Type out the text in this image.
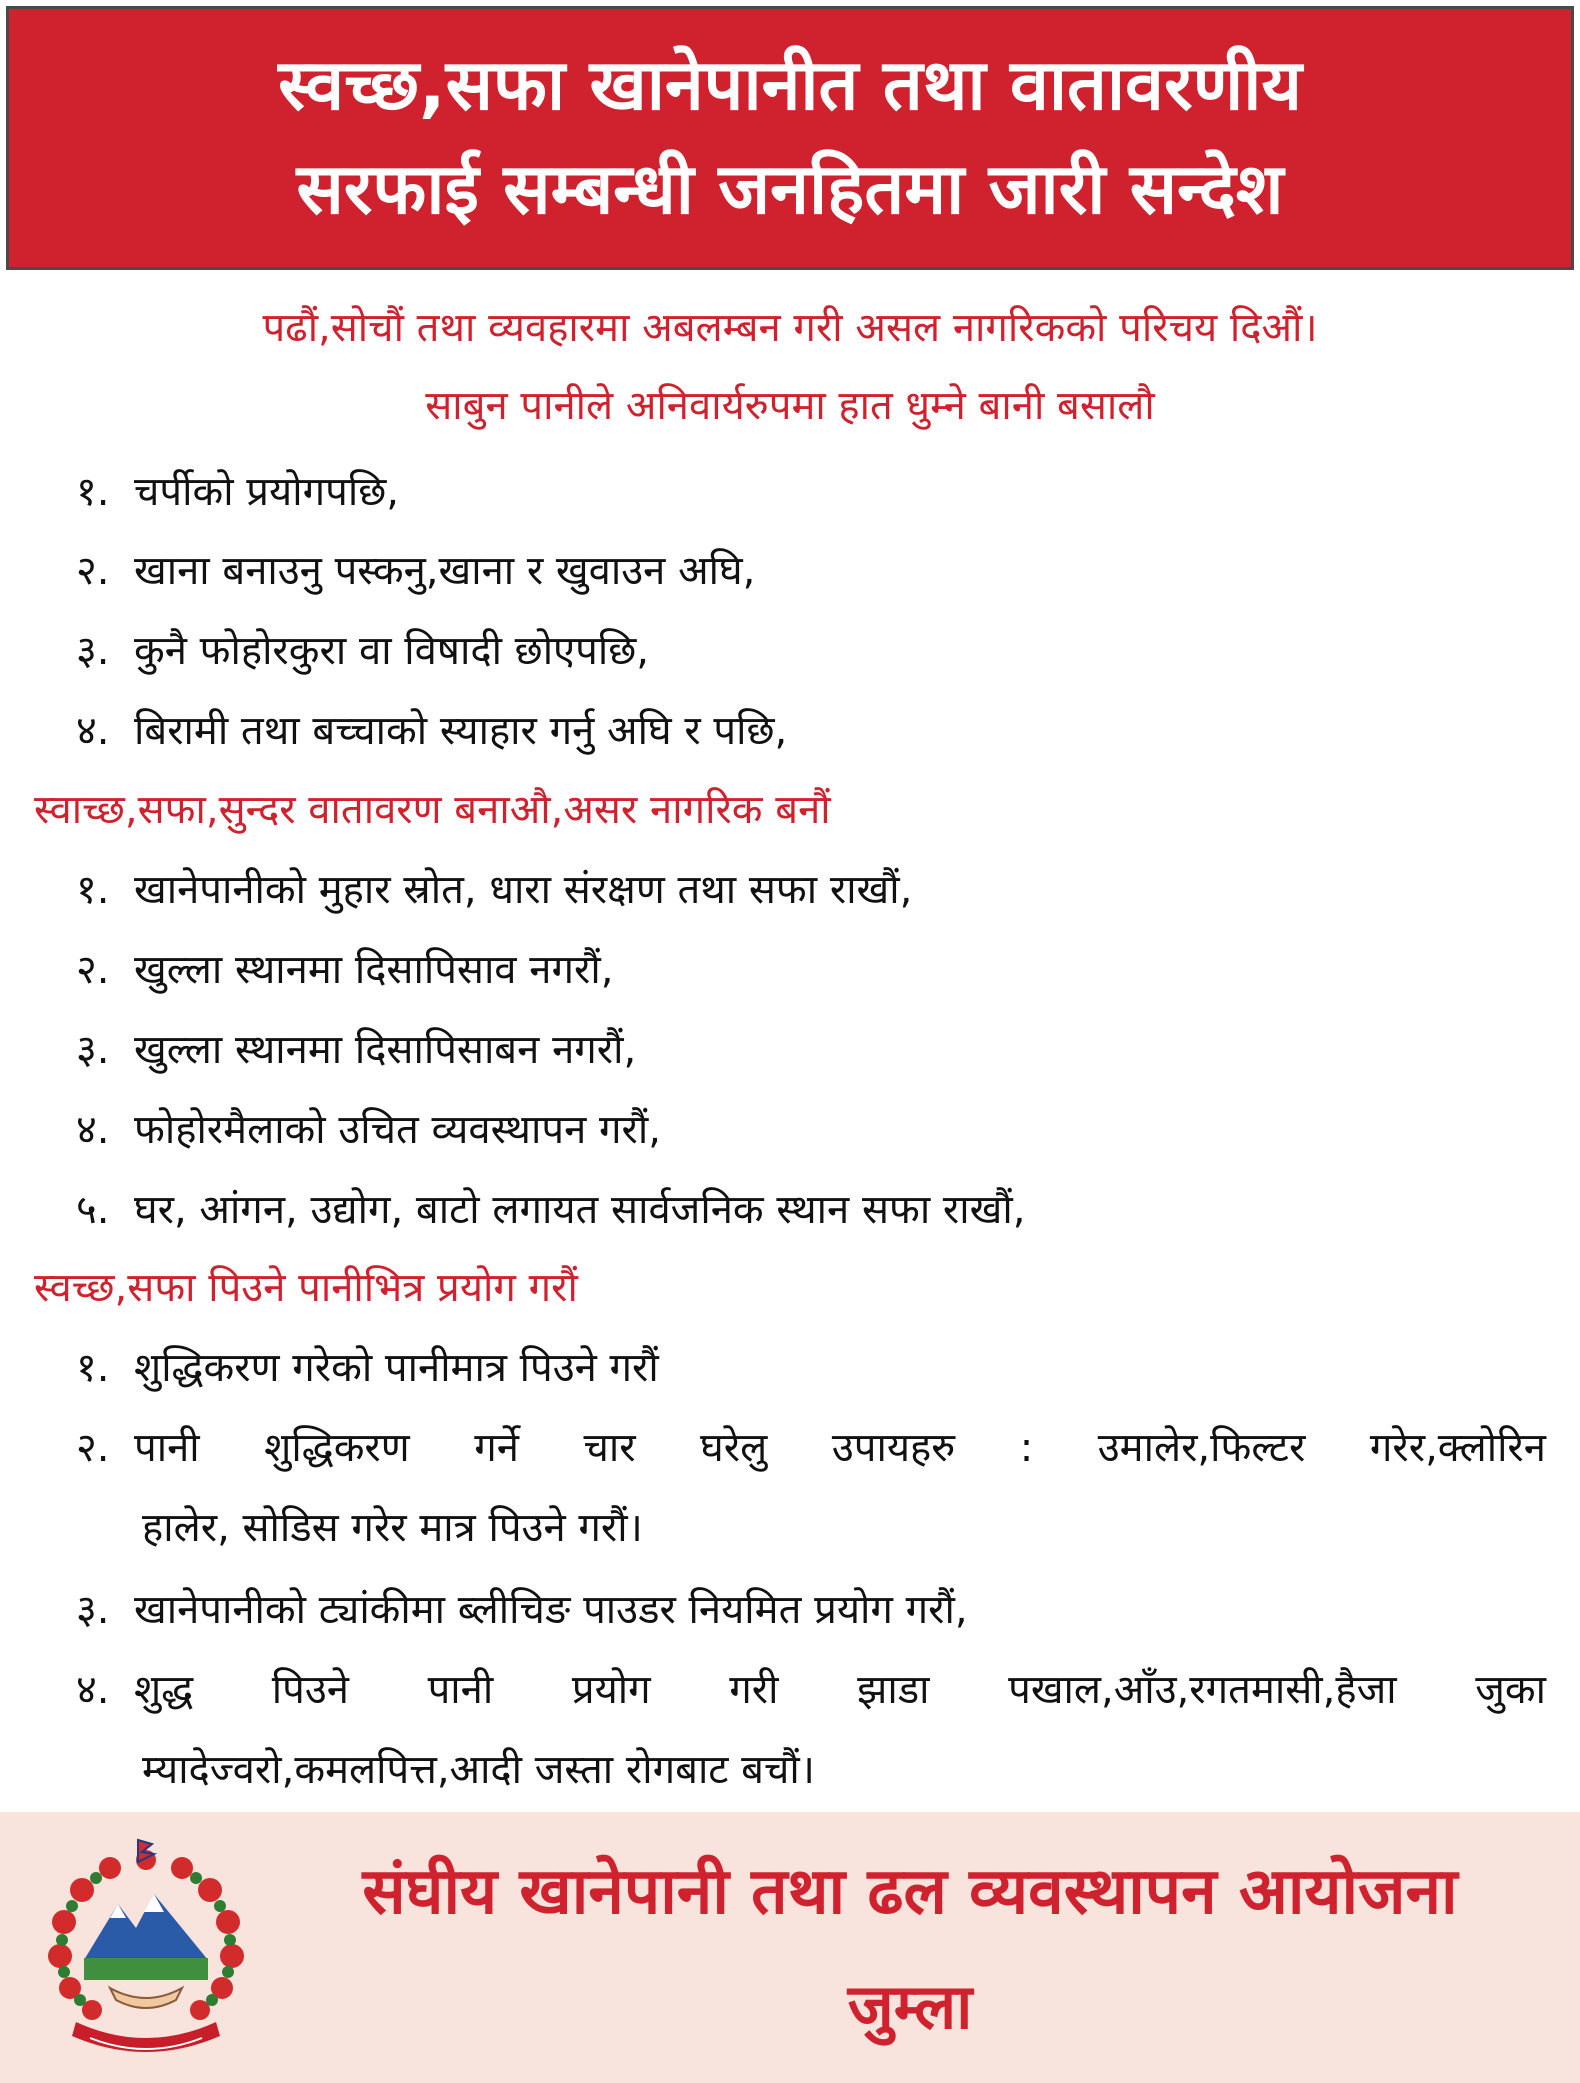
स्वच्छ,सफा खानेपानीत तथा वातावरणीय
सरफाई सम्बन्धी जनहितमा जारी सन्देश
पढौं,सोचौं तथा व्यवहारमा अबलम्बन गरी असल नागरिकको परिचय दिऔं।
साबुन पानीले अनिवार्यरुपमा हात धुम्ने बानी बसालौ
१. चर्पीको प्रयोगपछि,
२. खाना बनाउनु पस्कनु,खाना र खुवाउन अघि,
३. कुनै फोहोरकुरा वा विषादी छोएपछि,
४. बिरामी तथा बच्चाको स्याहार गर्नु अघि र पछि,
स्वाच्छ,सफा,सुन्दर वातावरण बनाऔ,असर नागरिक बनौं
१. खानेपानीको मुहार स्रोत, धारा संरक्षण तथा सफा राखौं,
२. खुल्ला स्थानमा दिसापिसाव नगरौं,
३. खुल्ला स्थानमा दिसापिसाबन नगरौं,
४. फोहोरमैलाको उचित व्यवस्थापन गरौं,
५. घर, आंगन, उद्योग, बाटो लगायत सार्वजनिक स्थान सफा राखौं,
स्वच्छ,सफा पिउने पानीभित्र प्रयोग गरौं
१. शुद्धिकरण गरेको पानीमात्र पिउने गरौं
२. पानी शुद्धिकरण गर्ने चार घरेलु उपायहरु : उमालेर,फिल्टर गरेर,क्लोरिन
हालेर, सोडिस गरेर मात्र पिउने गरौं।
३. खानेपानीको ट्यांकीमा ब्लीचिङ पाउडर नियमित प्रयोग गरौं,
४. शुद्ध पिउने पानी प्रयोग गरी झाडा पखाल,आँउ,रगतमासी,हैजा जुका
म्यादेज्वरो,कमलपित्त,आदी जस्ता रोगबाट बचौं।
संघीय खानेपानी तथा ढल व्यवस्थापन आयोजना
जुम्ला
